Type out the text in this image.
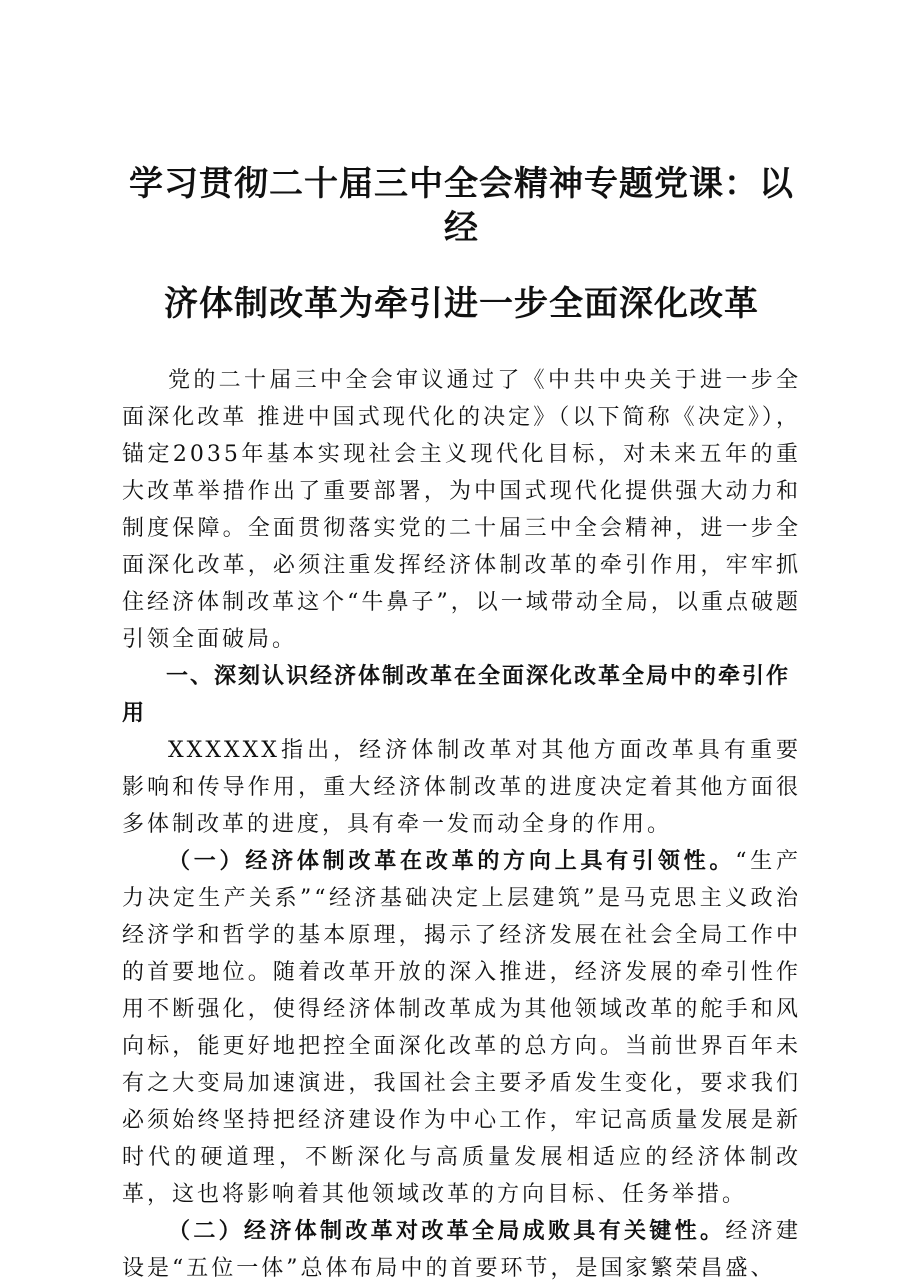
学习贯彻二十届三中全会精神专题党课：以经
济体制改革为牵引进一步全面深化改革

党的二十届三中全会审议通过了《中共中央关于进一步全面深化改革 推进中国式现代化的决定》（以下简称《决定》），锚定2035年基本实现社会主义现代化目标，对未来五年的重大改革举措作出了重要部署，为中国式现代化提供强大动力和制度保障。全面贯彻落实党的二十届三中全会精神，进一步全面深化改革，必须注重发挥经济体制改革的牵引作用，牢牢抓住经济体制改革这个“牛鼻子”，以一域带动全局，以重点破题引领全面破局。

一、深刻认识经济体制改革在全面深化改革全局中的牵引作用

XXXXXX指出，经济体制改革对其他方面改革具有重要影响和传导作用，重大经济体制改革的进度决定着其他方面很多体制改革的进度，具有牵一发而动全身的作用。

（一）经济体制改革在改革的方向上具有引领性。“生产力决定生产关系”“经济基础决定上层建筑”是马克思主义政治经济学和哲学的基本原理，揭示了经济发展在社会全局工作中的首要地位。随着改革开放的深入推进，经济发展的牵引性作用不断强化，使得经济体制改革成为其他领域改革的舵手和风向标，能更好地把控全面深化改革的总方向。当前世界百年未有之大变局加速演进，我国社会主要矛盾发生变化，要求我们必须始终坚持把经济建设作为中心工作，牢记高质量发展是新时代的硬道理，不断深化与高质量发展相适应的经济体制改革，这也将影响着其他领域改革的方向目标、任务举措。

（二）经济体制改革对改革全局成败具有关键性。经济建设是“五位一体”总体布局中的首要环节，是国家繁荣昌盛、
